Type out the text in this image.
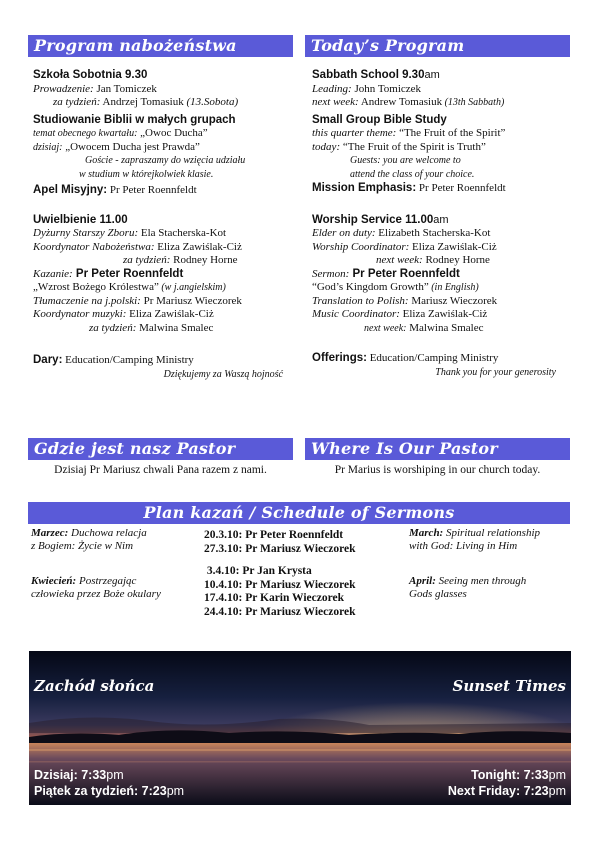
Program nabożeństwa
Szkoła Sobotnia 9.30
Prowadzenie: Jan Tomiczek
za tydzień: Andrzej Tomasiuk (13.Sobota)
Studiowanie Biblii w małych grupach
temat obecnego kwartału: „Owoc Ducha”
dzisiaj: „Owocem Ducha jest Prawda”
Goście - zapraszamy do wzięcia udziału
w studium w którejkolwiek klasie.
Apel Misyjny: Pr Peter Roennfeldt
Uwielbienie 11.00
Dyżurny Starszy Zboru: Ela Stacherska-Kot
Koordynator Nabożeństwa: Eliza Zawiślak-Ciż
za tydzień: Rodney Horne
Kazanie: Pr Peter Roennfeldt
„Wzrost Bożego Królestwa” (w j.angielskim)
Tłumaczenie na j.polski: Pr Mariusz Wieczorek
Koordynator muzyki: Eliza Zawiślak-Ciż
za tydzień: Malwina Smalec
Dary: Education/Camping Ministry
Dziękujemy za Waszą hojność
Today’s Program
Sabbath School 9.30am
Leading: John Tomiczek
next week: Andrew Tomasiuk (13th Sabbath)
Small Group Bible Study
this quarter theme: “The Fruit of the Spirit”
today: “The Fruit of the Spirit is Truth”
Guests: you are welcome to
attend the class of your choice.
Mission Emphasis: Pr Peter Roennfeldt
Worship Service 11.00am
Elder on duty: Elizabeth Stacherska-Kot
Worship Coordinator: Eliza Zawiślak-Ciż
next week: Rodney Horne
Sermon: Pr Peter Roennfeldt
“God’s Kingdom Growth” (in English)
Translation to Polish: Mariusz Wieczorek
Music Coordinator: Eliza Zawiślak-Ciż
next week: Malwina Smalec
Offerings: Education/Camping Ministry
Thank you for your generosity
Gdzie jest nasz Pastor
Dzisiaj Pr Mariusz chwali Pana razem z nami.
Where Is Our Pastor
Pr Marius is worshiping in our church today.
Plan kazań / Schedule of Sermons
Marzec: Duchowa relacja
z Bogiem: Życie w Nim
Kwiecień: Postrzegając
człowieka przez Boże okulary
20.3.10: Pr Peter Roennfeldt
27.3.10: Pr Mariusz Wieczorek
3.4.10: Pr Jan Krysta
10.4.10: Pr Mariusz Wieczorek
17.4.10: Pr Karin Wieczorek
24.4.10: Pr Mariusz Wieczorek
March: Spiritual relationship
with God: Living in Him
April: Seeing men through
Gods glasses
Zachód słońca	Sunset Times
Dzisiaj: 7:33pm
Piątek za tydzień: 7:23pm
Tonight: 7:33pm
Next Friday: 7:23pm
